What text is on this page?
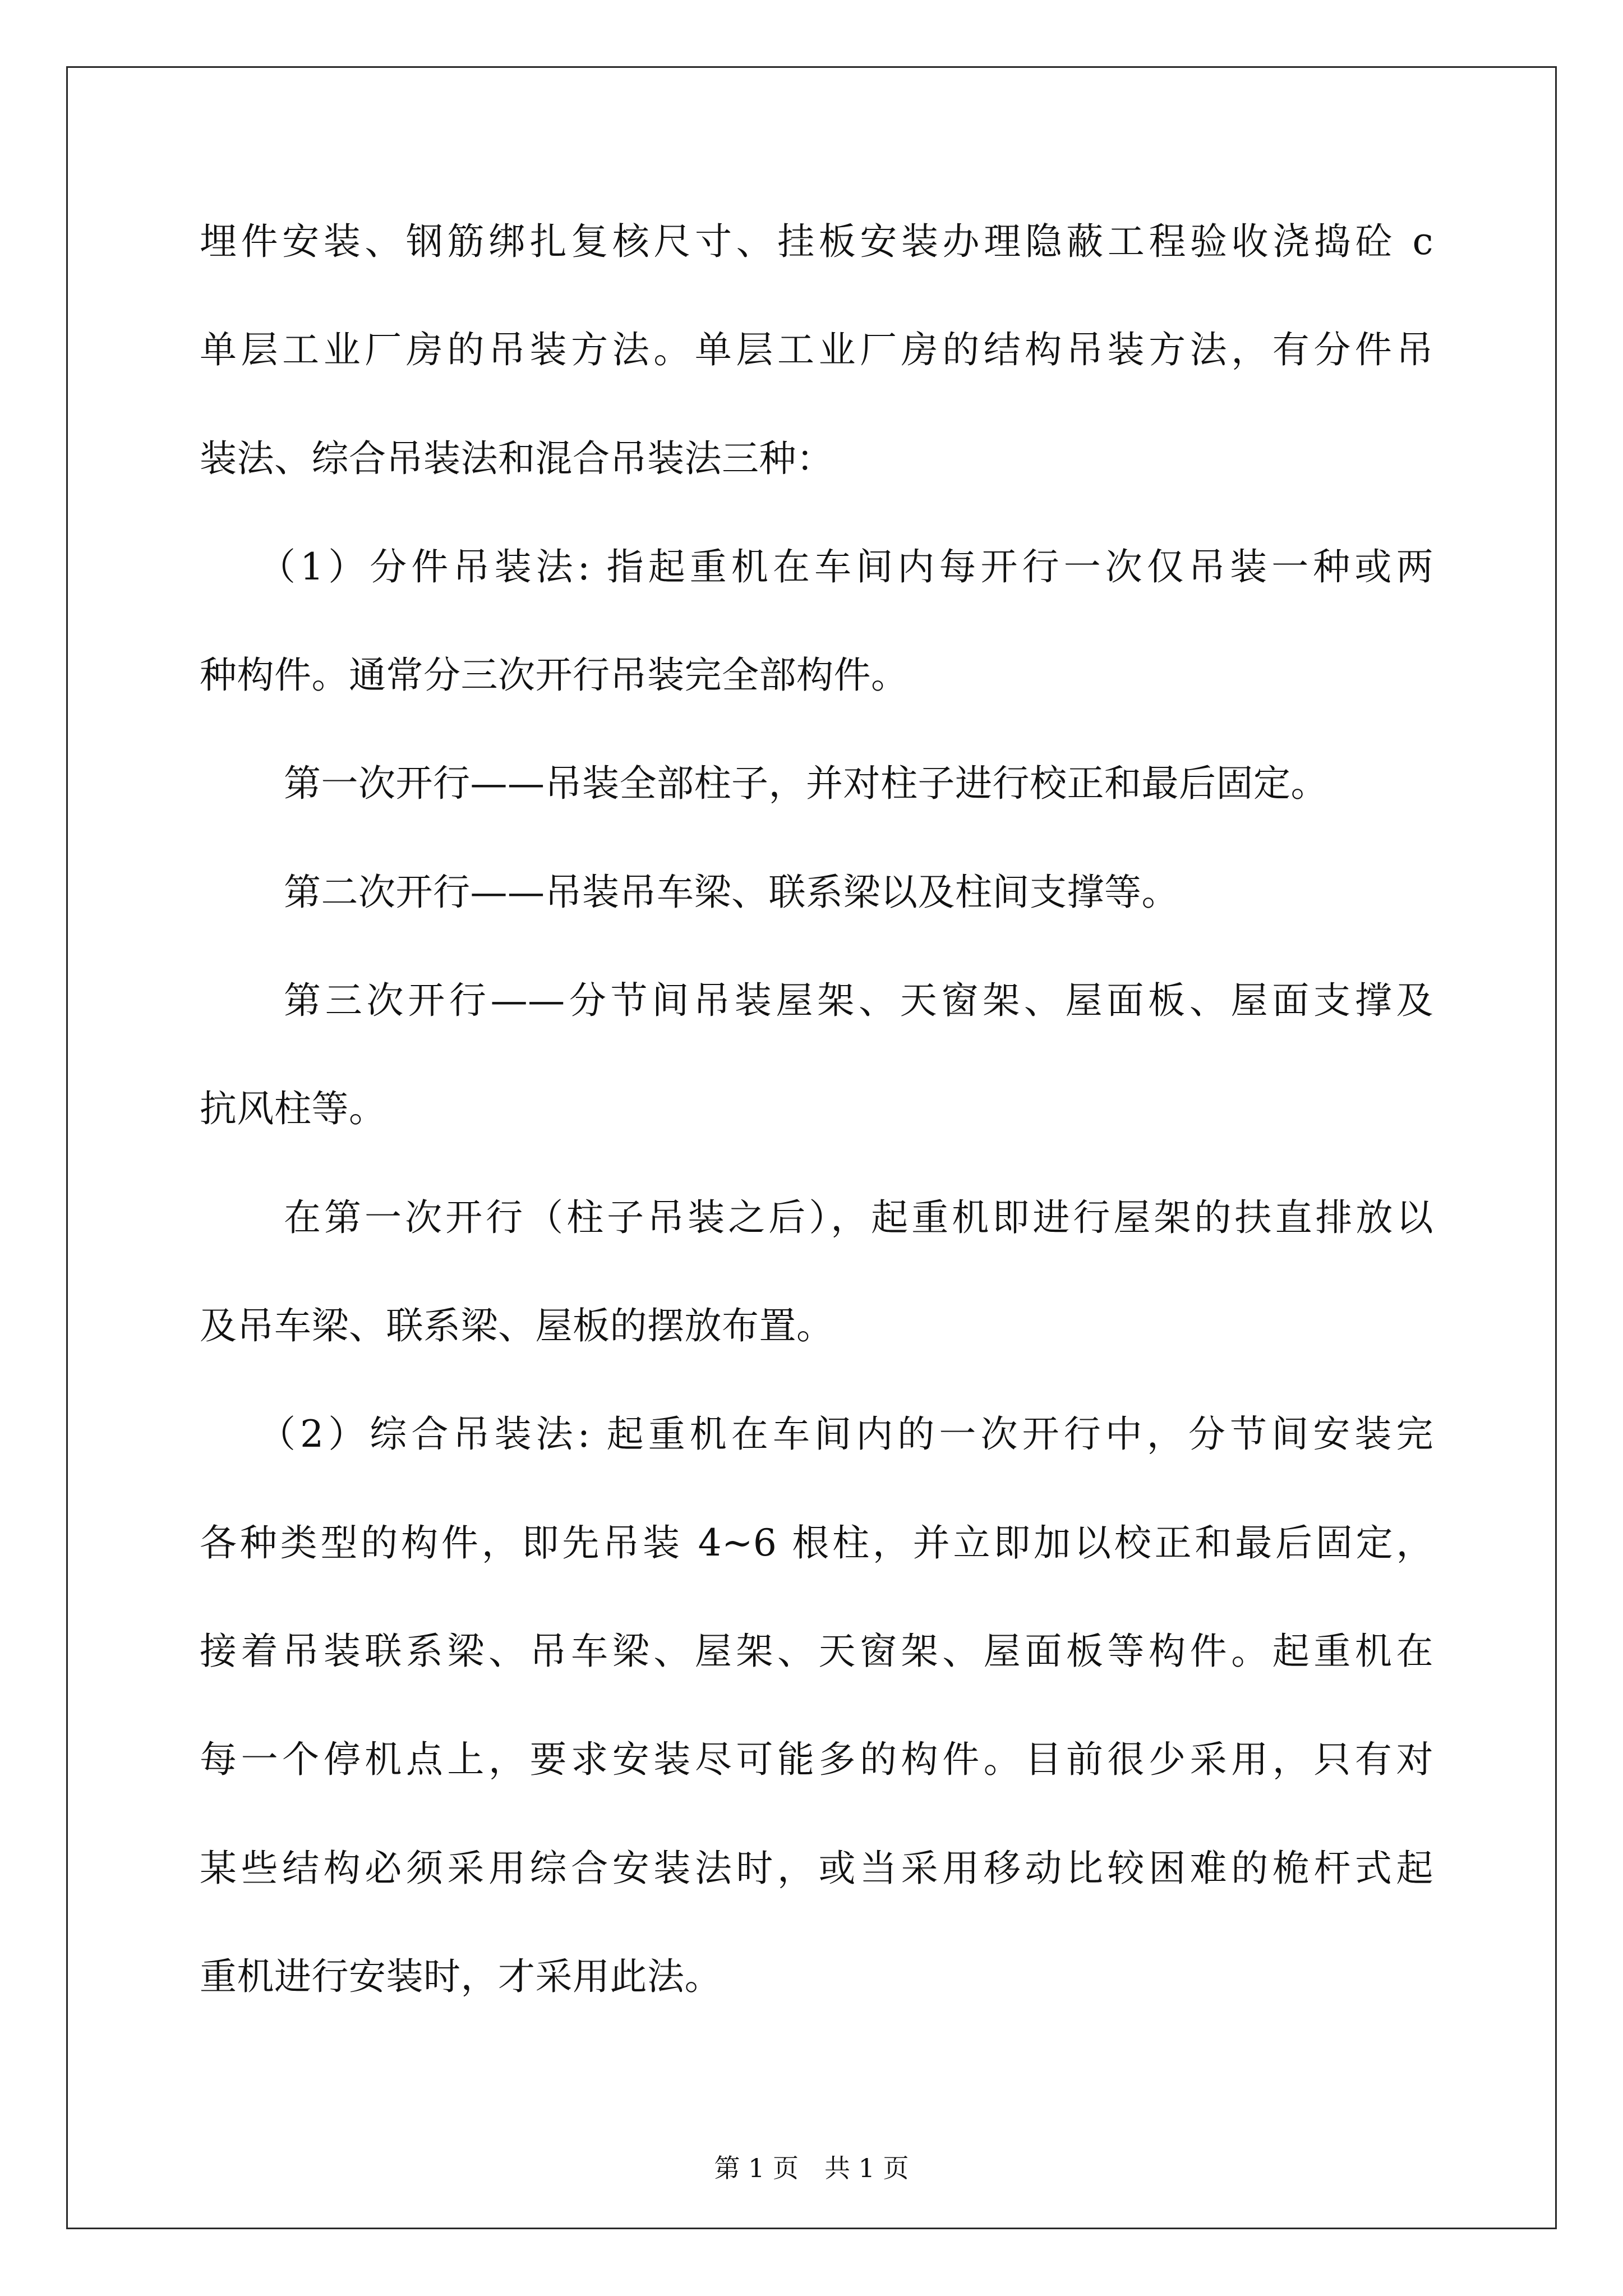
埋件安装、钢筋绑扎复核尺寸、挂板安装办理隐蔽工程验收浇捣砼 c
单层工业厂房的吊装方法。单层工业厂房的结构吊装方法，有分件吊
装法、综合吊装法和混合吊装法三种：
（1）分件吊装法: 指起重机在车间内每开行一次仅吊装一种或两
种构件。通常分三次开行吊装完全部构件。
第一次开行——吊装全部柱子，并对柱子进行校正和最后固定。
第二次开行——吊装吊车梁、联系梁以及柱间支撑等。
第三次开行——分节间吊装屋架、天窗架、屋面板、屋面支撑及
抗风柱等。
在第一次开行（柱子吊装之后），起重机即进行屋架的扶直排放以
及吊车梁、联系梁、屋板的摆放布置。
（2）综合吊装法: 起重机在车间内的一次开行中，分节间安装完
各种类型的构件，即先吊装 4~6 根柱，并立即加以校正和最后固定，
接着吊装联系梁、吊车梁、屋架、天窗架、屋面板等构件。起重机在
每一个停机点上，要求安装尽可能多的构件。目前很少采用，只有对
某些结构必须采用综合安装法时，或当采用移动比较困难的桅杆式起
重机进行安装时，才采用此法。
第 1 页　共 1 页
